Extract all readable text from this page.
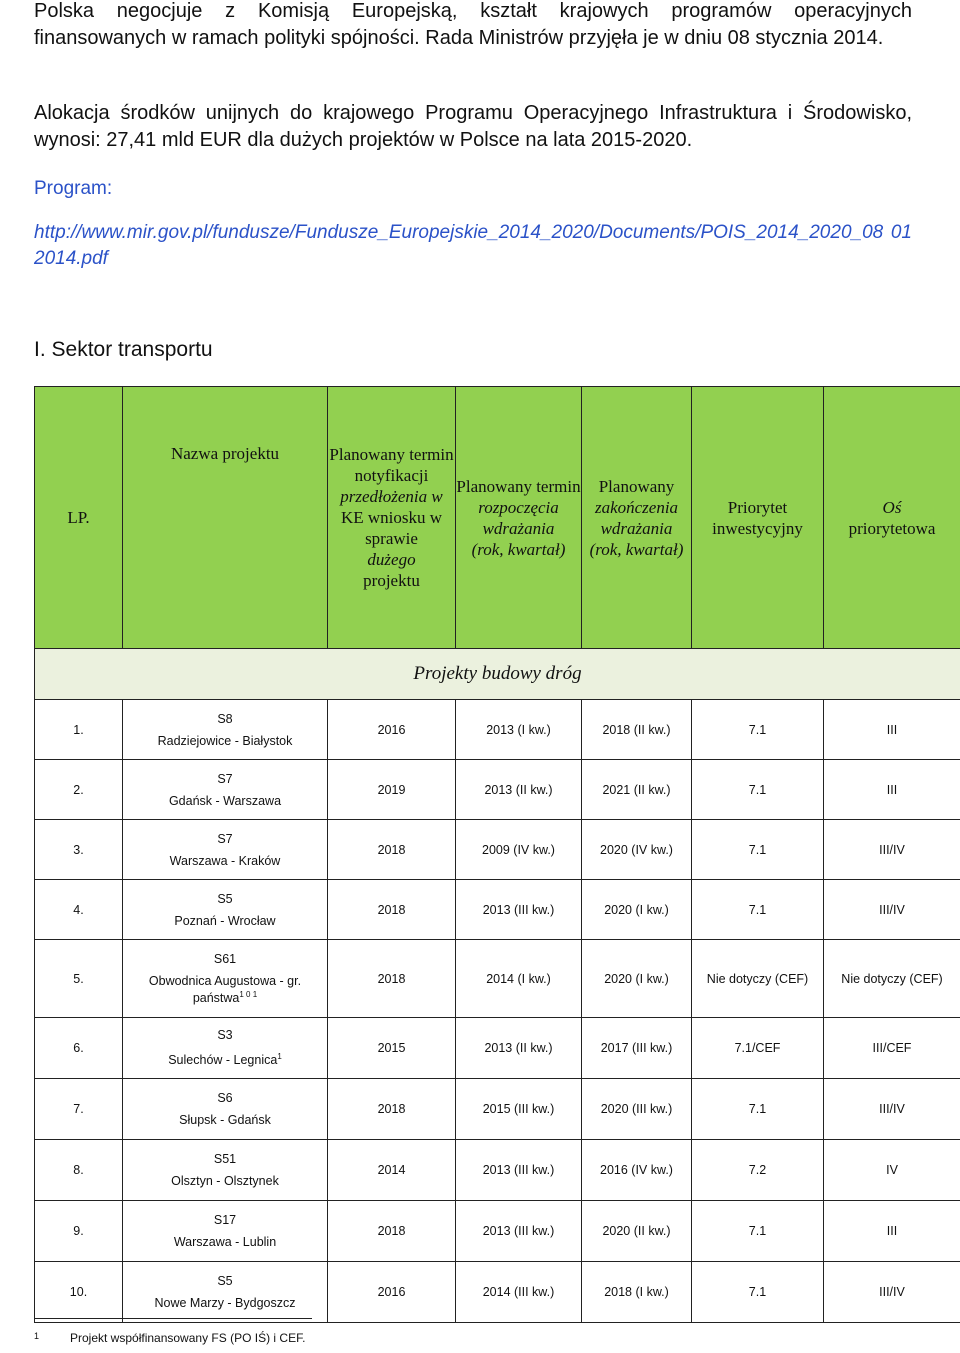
Polska negocjuje z Komisją Europejską, kształt krajowych programów operacyjnych finansowanych w ramach polityki spójności. Rada Ministrów przyjęła je w dniu 08 stycznia 2014.

Alokacja środków unijnych do krajowego Programu Operacyjnego Infrastruktura i Środowisko, wynosi: 27,41 mld EUR dla dużych projektów w Polsce na lata 2015-2020.

Program:

http://www.mir.gov.pl/fundusze/Fundusze_Europejskie_2014_2020/Documents/POIS_2014_2020_08 012014.pdf

I. Sektor transportu
LP.	Nazwa projektu	Planowany termin notyfikacji
przedłożenia w
KE wniosku w sprawie
dużego
projektu	Planowany termin
rozpoczęcia wdrażania
(rok, kwartał)	Planowany
zakończenia wdrażania
(rok, kwartał)	Priorytet inwestycyjny	Oś
priorytetowa
Projekty budowy dróg						
1.	S8
Radziejowice - Białystok	2016	2013 (I kw.)	2018 (II kw.)	7.1	III
2.	S7
Gdańsk - Warszawa	2019	2013 (II kw.)	2021 (II kw.)	7.1	III
3.	S7
Warszawa - Kraków	2018	2009 (IV kw.)	2020 (IV kw.)	7.1	III/IV
4.	S5
Poznań - Wrocław	2018	2013 (III kw.)	2020 (I kw.)	7.1	III/IV
5.	S61
Obwodnica Augustowa - gr. państwa$^{1 0 1}$	2018	2014 (I kw.)	2020 (I kw.)	Nie dotyczy (CEF)	Nie dotyczy (CEF)
6.	S3
Sulechów - Legnica$^1$	2015	2013 (II kw.)	2017 (III kw.)	7.1/CEF	III/CEF
7.	S6
Słupsk - Gdańsk	2018	2015 (III kw.)	2020 (III kw.)	7.1	III/IV
8.	S51
Olsztyn - Olsztynek	2014	2013 (III kw.)	2016 (IV kw.)	7.2	IV
9.	S17
Warszawa - Lublin	2018	2013 (III kw.)	2020 (II kw.)	7.1	III
10.	S5
Nowe Marzy - Bydgoszcz	2016	2014 (III kw.)	2018 (I kw.)	7.1	III/IV
1	Projekt współfinansowany FS (PO IŚ) i CEF.
